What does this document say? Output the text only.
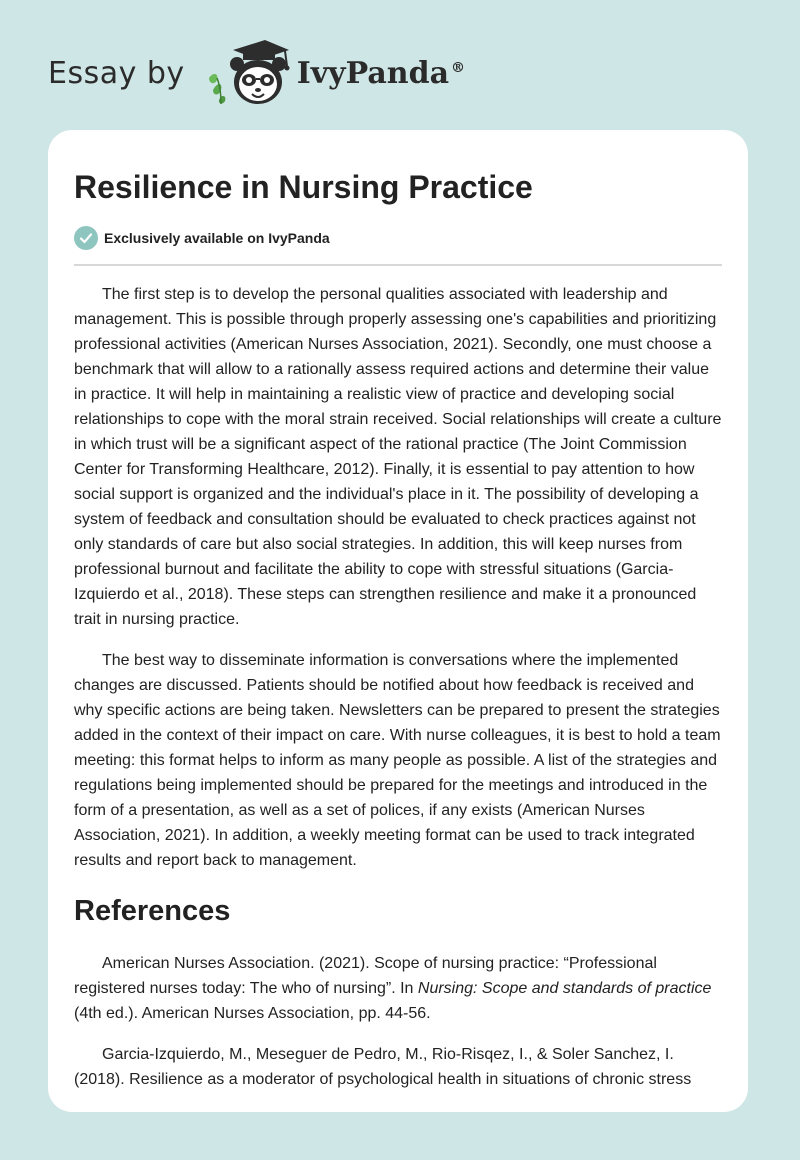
Essay by	IvyPanda ®
Resilience in Nursing Practice
Exclusively available on IvyPanda

The first step is to develop the personal qualities associated with leadership and management. This is possible through properly assessing one's capabilities and prioritizing professional activities (American Nurses Association, 2021). Secondly, one must choose a benchmark that will allow to a rationally assess required actions and determine their value in practice. It will help in maintaining a realistic view of practice and developing social relationships to cope with the moral strain received. Social relationships will create a culture in which trust will be a significant aspect of the rational practice (The Joint Commission Center for Transforming Healthcare, 2012). Finally, it is essential to pay attention to how social support is organized and the individual's place in it. The possibility of developing a system of feedback and consultation should be evaluated to check practices against not only standards of care but also social strategies. In addition, this will keep nurses from professional burnout and facilitate the ability to cope with stressful situations (Garcia-Izquierdo et al., 2018). These steps can strengthen resilience and make it a pronounced trait in nursing practice.

The best way to disseminate information is conversations where the implemented changes are discussed. Patients should be notified about how feedback is received and why specific actions are being taken. Newsletters can be prepared to present the strategies added in the context of their impact on care. With nurse colleagues, it is best to hold a team meeting: this format helps to inform as many people as possible. A list of the strategies and regulations being implemented should be prepared for the meetings and introduced in the form of a presentation, as well as a set of polices, if any exists (American Nurses Association, 2021). In addition, a weekly meeting format can be used to track integrated results and report back to management.

References

American Nurses Association. (2021). Scope of nursing practice: “Professional registered nurses today: The who of nursing”. In Nursing: Scope and standards of practice (4th ed.). American Nurses Association, pp. 44-56.

Garcia-Izquierdo, M., Meseguer de Pedro, M., Rio-Risqez, I., & Soler Sanchez, I. (2018). Resilience as a moderator of psychological health in situations of chronic stress
